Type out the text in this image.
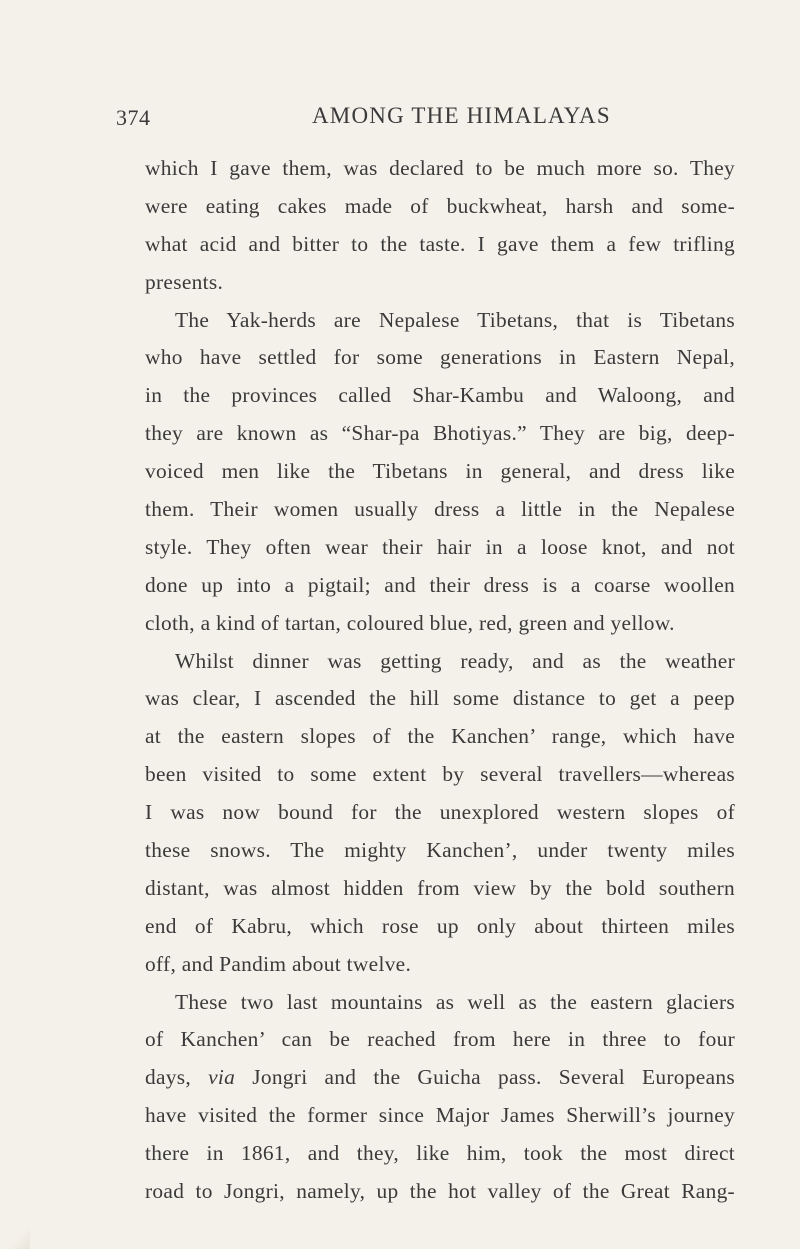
374	AMONG THE HIMALAYAS
which I gave them, was declared to be much more so. They
were eating cakes made of buckwheat, harsh and some-
what acid and bitter to the taste. I gave them a few trifling
presents.
The Yak-herds are Nepalese Tibetans, that is Tibetans
who have settled for some generations in Eastern Nepal,
in the provinces called Shar-Kambu and Waloong, and
they are known as “Shar-pa Bhotiyas.” They are big, deep-
voiced men like the Tibetans in general, and dress like
them. Their women usually dress a little in the Nepalese
style. They often wear their hair in a loose knot, and not
done up into a pigtail; and their dress is a coarse woollen
cloth, a kind of tartan, coloured blue, red, green and yellow.
Whilst dinner was getting ready, and as the weather
was clear, I ascended the hill some distance to get a peep
at the eastern slopes of the Kanchen’ range, which have
been visited to some extent by several travellers—whereas
I was now bound for the unexplored western slopes of
these snows. The mighty Kanchen’, under twenty miles
distant, was almost hidden from view by the bold southern
end of Kabru, which rose up only about thirteen miles
off, and Pandim about twelve.
These two last mountains as well as the eastern glaciers
of Kanchen’ can be reached from here in three to four
days, via Jongri and the Guicha pass. Several Europeans
have visited the former since Major James Sherwill’s journey
there in 1861, and they, like him, took the most direct
road to Jongri, namely, up the hot valley of the Great Rang-
